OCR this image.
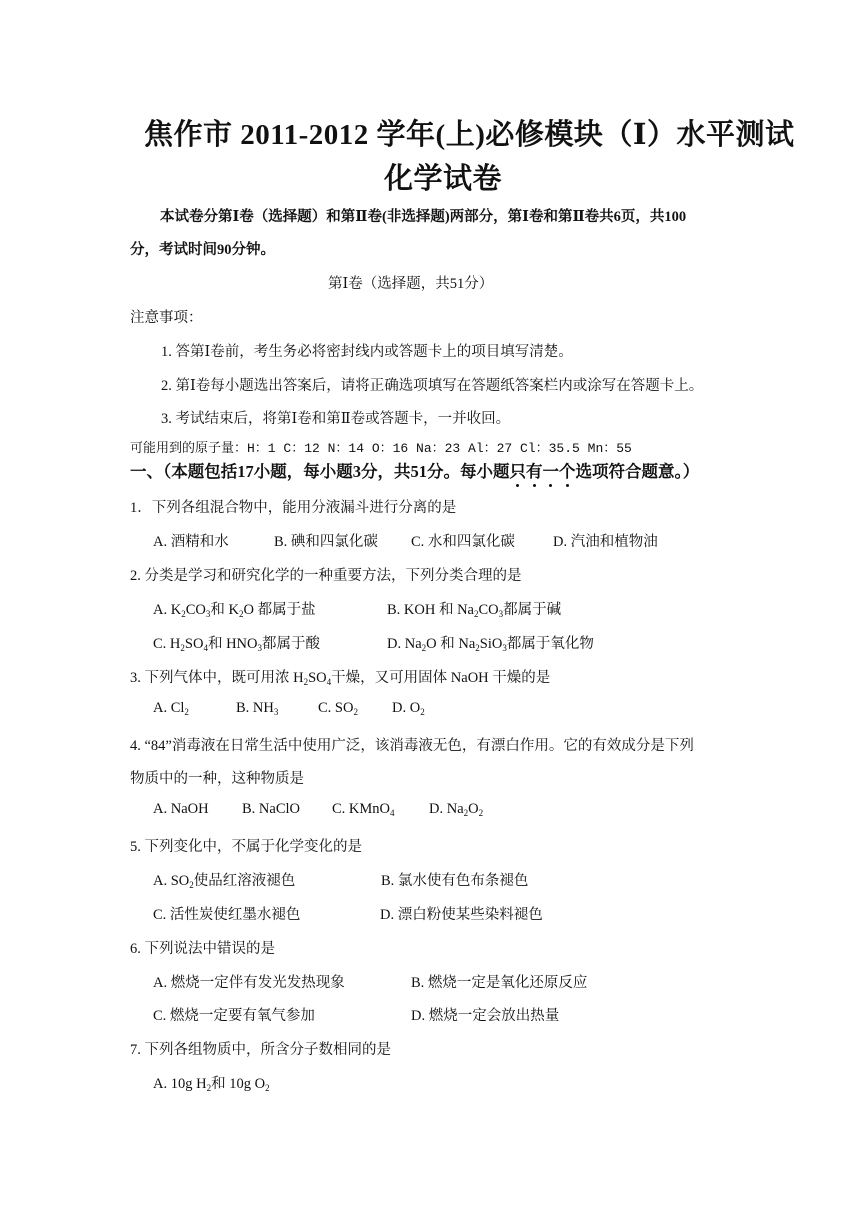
焦作市 2011-2012 学年(上)必修模块（Ⅰ）水平测试
化学试卷
本试卷分第Ⅰ卷（选择题）和第Ⅱ卷(非选择题)两部分，第Ⅰ卷和第Ⅱ卷共6页，共100
分，考试时间90分钟。
第Ⅰ卷（选择题，共51分）
注意事项：
1. 答第Ⅰ卷前，考生务必将密封线内或答题卡上的项目填写清楚。
2. 第Ⅰ卷每小题选出答案后，请将正确选项填写在答题纸答案栏内或涂写在答题卡上。
3. 考试结束后，将第Ⅰ卷和第Ⅱ卷或答题卡，一并收回。
可能用到的原子量：H：1 C：12 N：14 O：16 Na：23 Al：27 Cl：35.5 Mn：55
一、（本题包括17小题，每小题3分，共51分。每小题只有一个
选项符合题意。）
1．下列各组混合物中，能用分液漏斗进行分离的是
A. 酒精和水	B. 碘和四氯化碳 C. 水和四氯化碳	D. 汽油和植物油
2. 分类是学习和研究化学的一种重要方法，下列分类合理的是
A. $K_2CO_3$和 $K_2O$ 都属于盐	B. KOH 和 $Na_2CO_3$都属于碱
C. $H_2SO_4$和 $HNO_3$都属于酸	D. $Na_2O$ 和 $Na_2SiO_3$都属于氧化物
3. 下列气体中，既可用浓 $H_2SO_4$干燥，又可用固体 NaOH 干燥的是
A. $Cl_2$	B. $NH_3$	C. $SO_2$ D. $O_2$
4. “84”消毒液在日常生活中使用广泛，该消毒液无色，有漂白作用。它的有效成分是下列
物质中的一种，这种物质是
A. NaOH B. NaClO C. KMnO$_4$ D. $Na_2O_2$
5. 下列变化中，不属于化学变化的是
A. $SO_2$使品红溶液褪色	B. 氯水使有色布条褪色
C. 活性炭使红墨水褪色	D. 漂白粉使某些染料褪色
6. 下列说法中错误的是
A. 燃烧一定伴有发光发热现象	B. 燃烧一定是氧化还原反应
C. 燃烧一定要有氧气参加	D. 燃烧一定会放出热量
7. 下列各组物质中，所含分子数相同的是
A. 10g $H_2$和 10g $O_2$
